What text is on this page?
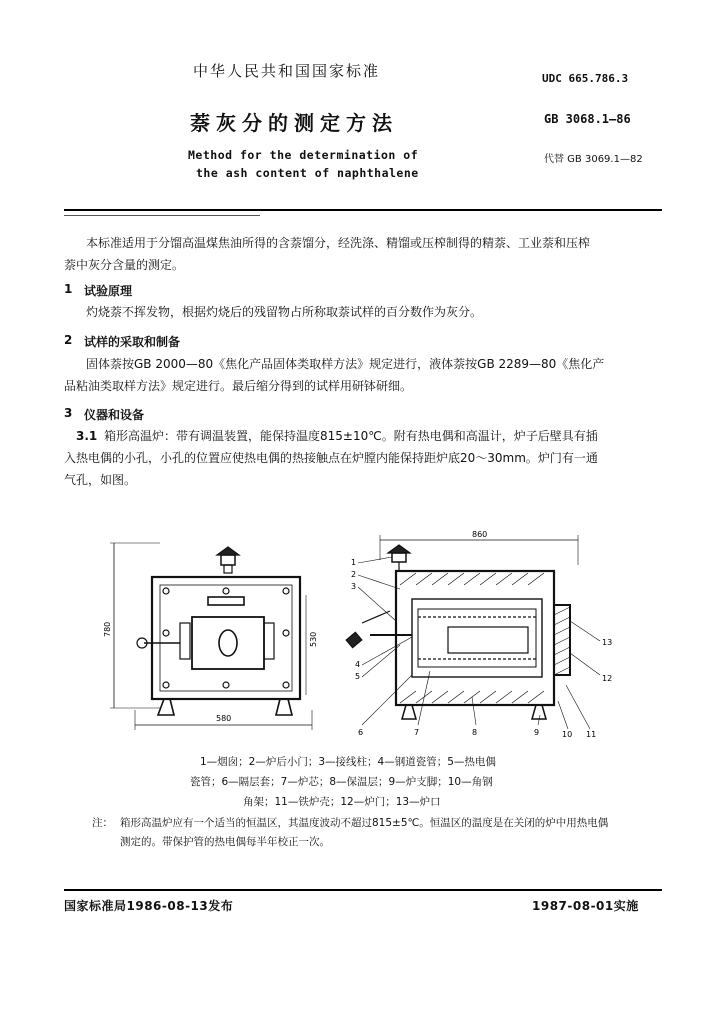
中华人民共和国国家标准	UDC 665.786.3
萘灰分的测定方法	GB 3068.1—86
Method for the determination of
the ash content of naphthalene
代替 GB 3069.1—82
本标准适用于分馏高温煤焦油所得的含萘馏分，经洗涤、精馏或压榨制得的精萘、工业萘和压榨
萘中灰分含量的测定。
1 试验原理
灼烧萘不挥发物，根据灼烧后的残留物占所称取萘试样的百分数作为灰分。
2 试样的采取和制备
固体萘按GB 2000—80《焦化产品固体类取样方法》规定进行，液体萘按GB 2289—80《焦化产
品粘油类取样方法》规定进行。最后缩分得到的试样用研钵研细。
3 仪器和设备
3.1 箱形高温炉：带有调温装置，能保持温度815±10℃。附有热电偶和高温计，炉子后壁具有插
入热电偶的小孔，小孔的位置应使热电偶的热接触点在炉膛内能保持距炉底20～30mm。炉门有一通
气孔，如图。
780
580
530
860
1
2
3
4
5
6	7	8	9	10 11
12
13
1—烟囱；2—炉后小门；3—接线柱；4—钢道瓷管；5—热电偶
瓷管；6—隔层套；7—炉芯；8—保温层；9—炉支脚；10—角钢
角架；11—铁炉壳；12—炉门；13—炉口
注： 箱形高温炉应有一个适当的恒温区，其温度波动不超过815±5℃。恒温区的温度是在关闭的炉中用热电偶
测定的。带保护管的热电偶每半年校正一次。
国家标准局1986-08-13发布	1987-08-01实施
